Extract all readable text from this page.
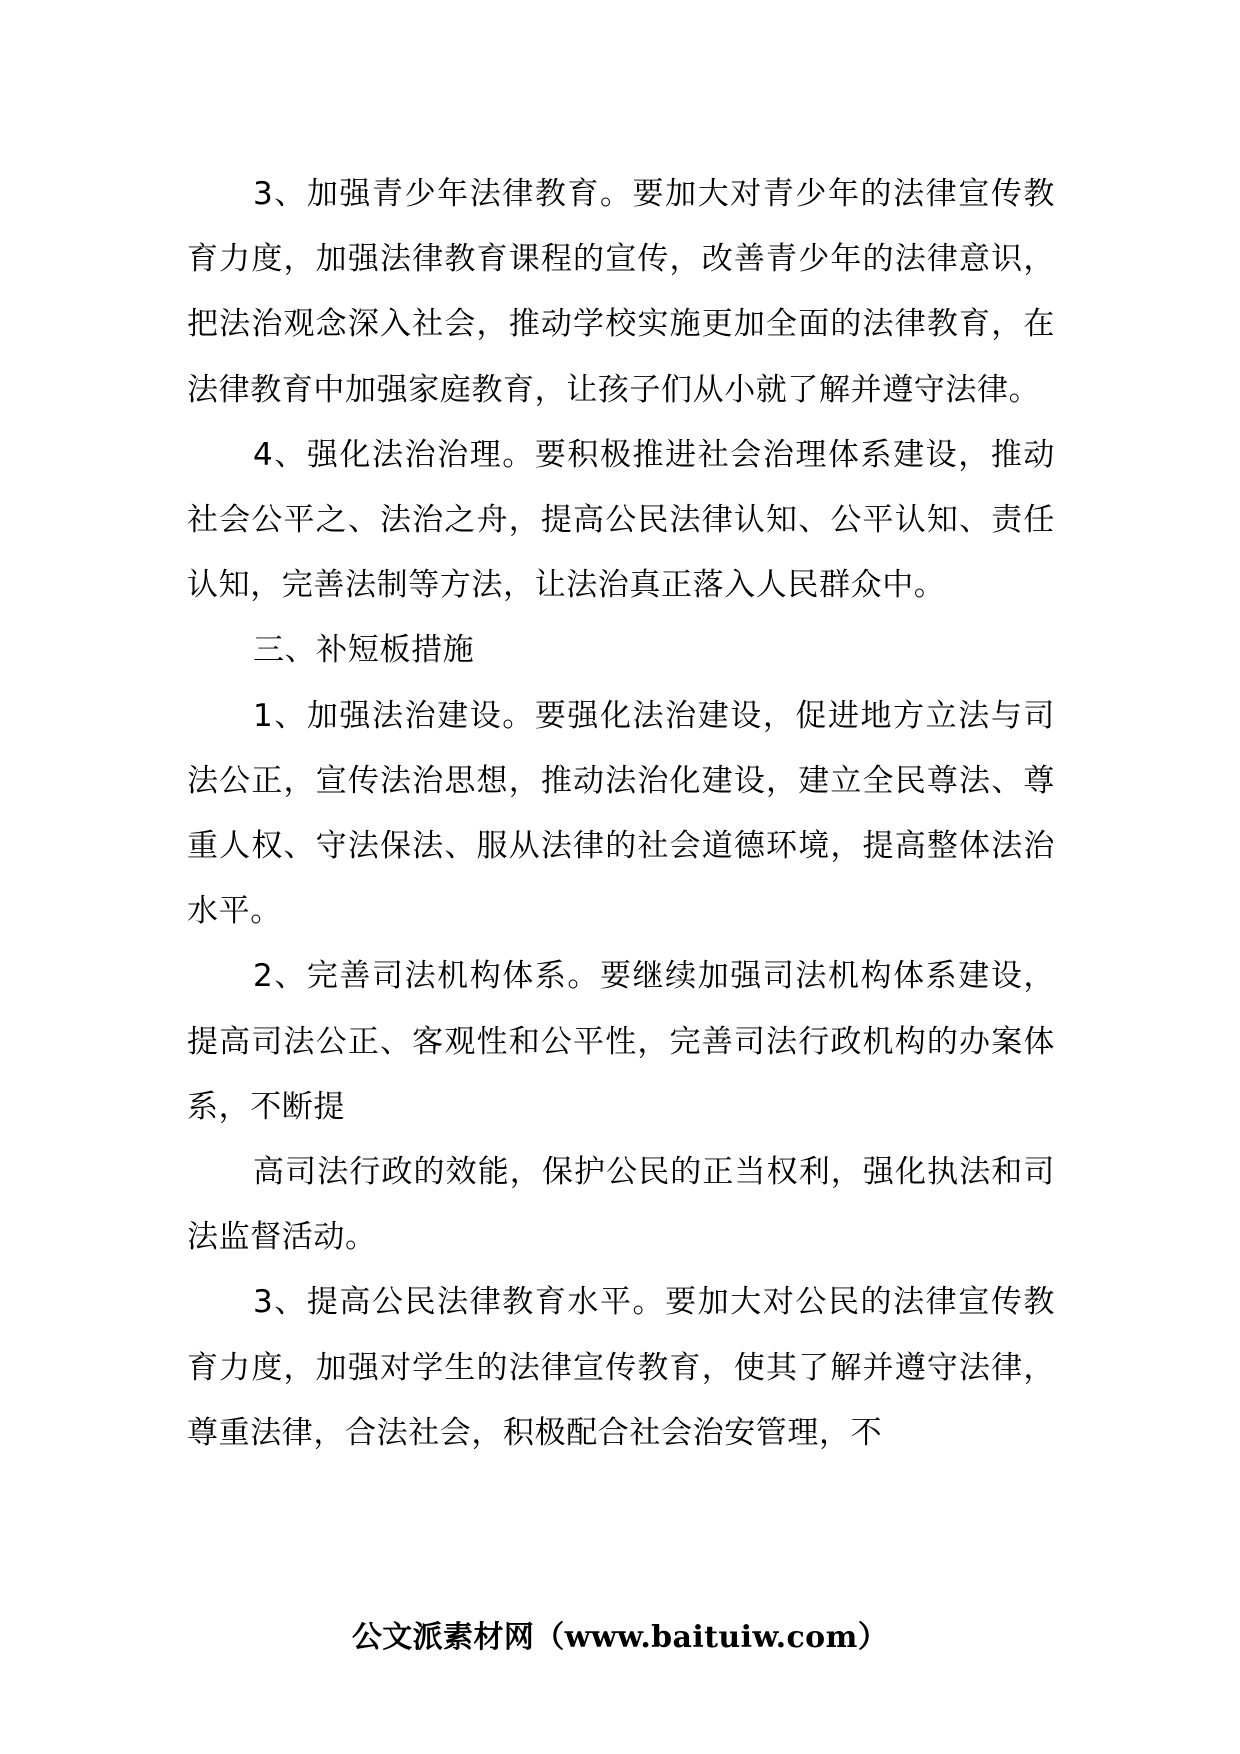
3、加强青少年法律教育。要加大对青少年的法律宣传教育力度，加强法律教育课程的宣传，改善青少年的法律意识，把法治观念深入社会，推动学校实施更加全面的法律教育，在法律教育中加强家庭教育，让孩子们从小就了解并遵守法律。

4、强化法治治理。要积极推进社会治理体系建设，推动社会公平之、法治之舟，提高公民法律认知、公平认知、责任认知，完善法制等方法，让法治真正落入人民群众中。

三、补短板措施

1、加强法治建设。要强化法治建设，促进地方立法与司法公正，宣传法治思想，推动法治化建设，建立全民尊法、尊重人权、守法保法、服从法律的社会道德环境，提高整体法治水平。

2、完善司法机构体系。要继续加强司法机构体系建设，提高司法公正、客观性和公平性，完善司法行政机构的办案体系，不断提

高司法行政的效能，保护公民的正当权利，强化执法和司法监督活动。

3、提高公民法律教育水平。要加大对公民的法律宣传教育力度，加强对学生的法律宣传教育，使其了解并遵守法律，尊重法律，合法社会，积极配合社会治安管理，不

公文派素材网（www.baituiw.com）
